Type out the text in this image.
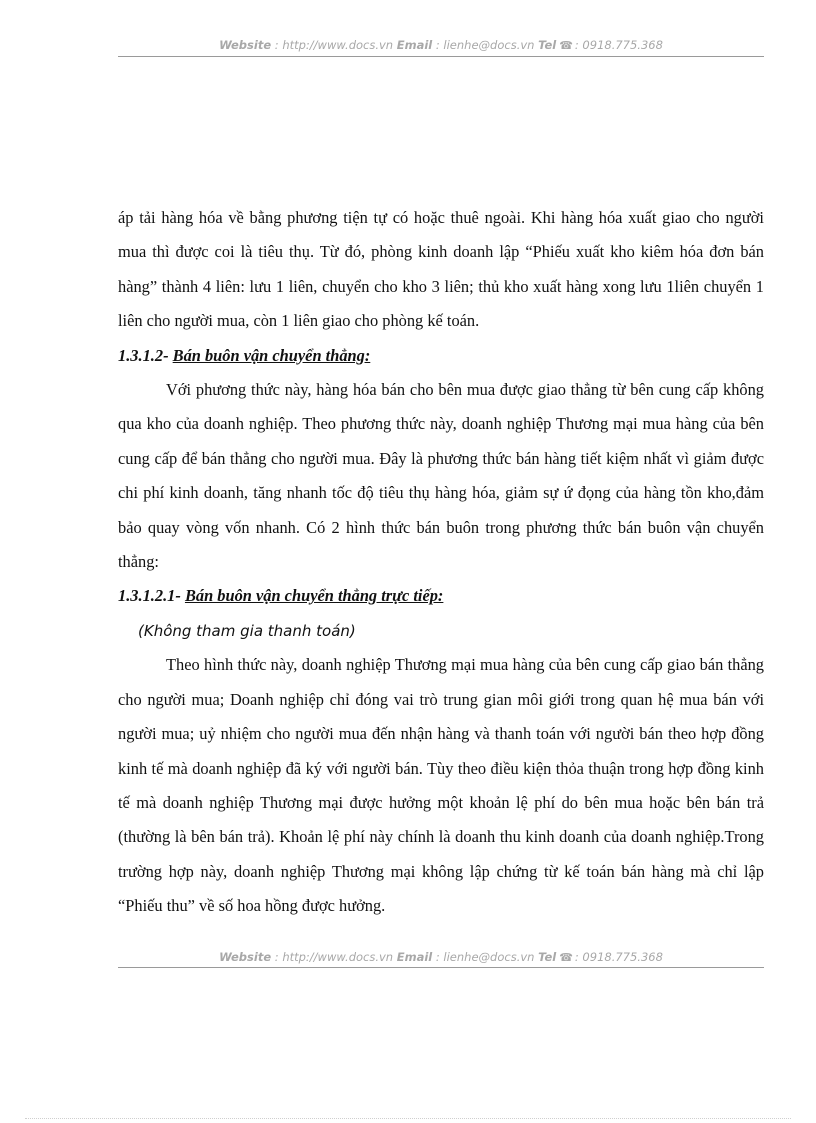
Website : http://www.docs.vn Email : lienhe@docs.vn Tel ☎ : 0918.775.368

áp tải hàng hóa về bằng phương tiện tự có hoặc thuê ngoài. Khi hàng hóa xuất giao cho người mua thì được coi là tiêu thụ. Từ đó, phòng kinh doanh lập “Phiếu xuất kho kiêm hóa đơn bán hàng” thành 4 liên: lưu 1 liên, chuyển cho kho 3 liên; thủ kho xuất hàng xong lưu 1liên chuyển 1 liên cho người mua, còn 1 liên giao cho phòng kế toán.

1.3.1.2- Bán buôn vận chuyển thẳng:

Với phương thức này, hàng hóa bán cho bên mua được giao thẳng từ bên cung cấp không qua kho của doanh nghiệp. Theo phương thức này, doanh nghiệp Thương mại mua hàng của bên cung cấp để bán thẳng cho người mua. Đây là phương thức bán hàng tiết kiệm nhất vì giảm được chi phí kinh doanh, tăng nhanh tốc độ tiêu thụ hàng hóa, giảm sự ứ đọng của hàng tồn kho,đảm bảo quay vòng vốn nhanh. Có 2 hình thức bán buôn trong phương thức bán buôn vận chuyển thẳng:

1.3.1.2.1- Bán buôn vận chuyển thẳng trực tiếp:

(Không tham gia thanh toán)

Theo hình thức này, doanh nghiệp Thương mại mua hàng của bên cung cấp giao bán thẳng cho người mua; Doanh nghiệp chỉ đóng vai trò trung gian môi giới trong quan hệ mua bán với người mua; uỷ nhiệm cho người mua đến nhận hàng và thanh toán với người bán theo hợp đồng kinh tế mà doanh nghiệp đã ký với người bán. Tùy theo điều kiện thỏa thuận trong hợp đồng kinh tế mà doanh nghiệp Thương mại được hưởng một khoản lệ phí do bên mua hoặc bên bán trả (thường là bên bán trả). Khoản lệ phí này chính là doanh thu kinh doanh của doanh nghiệp.Trong trường hợp này, doanh nghiệp Thương mại không lập chứng từ kế toán bán hàng mà chỉ lập “Phiếu thu” về số hoa hồng được hưởng.

Website : http://www.docs.vn Email : lienhe@docs.vn Tel ☎ : 0918.775.368
